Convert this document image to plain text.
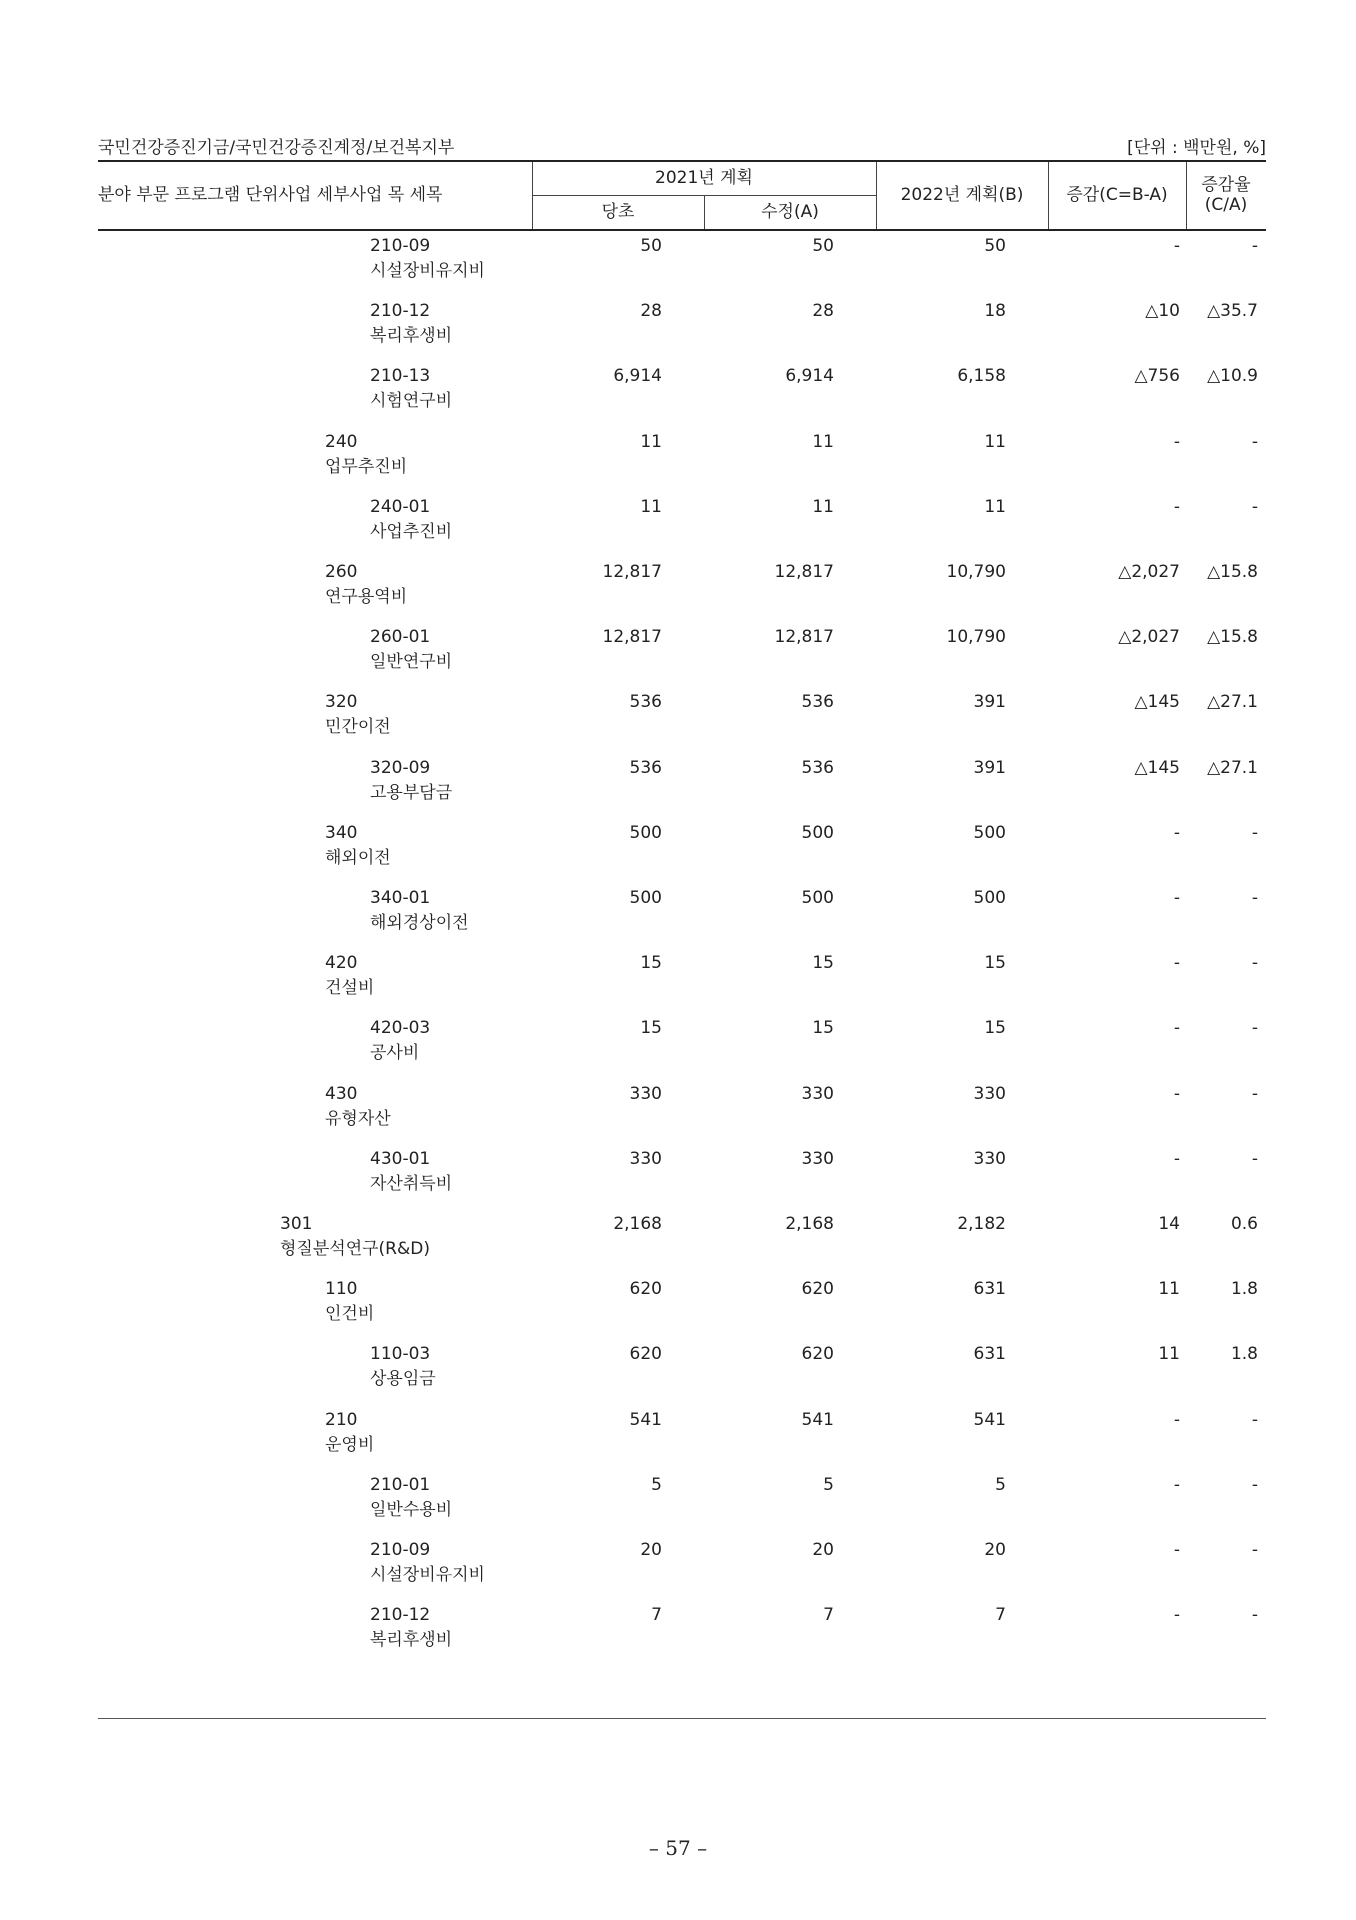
국민건강증진기금/국민건강증진계정/보건복지부	[단위 : 백만원, %]
분야 부문 프로그램 단위사업 세부사업 목 세목
2021년 계획
당초	수정(A)
2022년 계획(B)	증감(C=B-A)	증감율
(C/A)
210-09
시설장비유지비
50	50	50	-	-
210-12
복리후생비
28	28	18	△10 △35.7
210-13
시험연구비
6,914	6,914	6,158	△756 △10.9
240
업무추진비
11	11	11	-	-
240-01
사업추진비
11	11	11	-	-
260
연구용역비
12,817	12,817	10,790	△2,027 △15.8
260-01
일반연구비
12,817	12,817	10,790	△2,027 △15.8
320
민간이전
536	536	391	△145 △27.1
320-09
고용부담금
536	536	391	△145 △27.1
340
해외이전
500	500	500	-	-
340-01
해외경상이전
500	500	500	-	-
420
건설비
15	15	15	-	-
420-03
공사비
15	15	15	-	-
430
유형자산
330	330	330	-	-
430-01
자산취득비
330	330	330	-	-
301
형질분석연구(R&D)
2,168	2,168	2,182	14	0.6
110
인건비
620	620	631	11	1.8
110-03
상용임금
620	620	631	11	1.8
210
운영비
541	541	541	-	-
210-01
일반수용비
5	5	5	-	-
210-09
시설장비유지비
20	20	20	-	-
210-12
복리후생비
7	7	7	-	-
– 57 –
